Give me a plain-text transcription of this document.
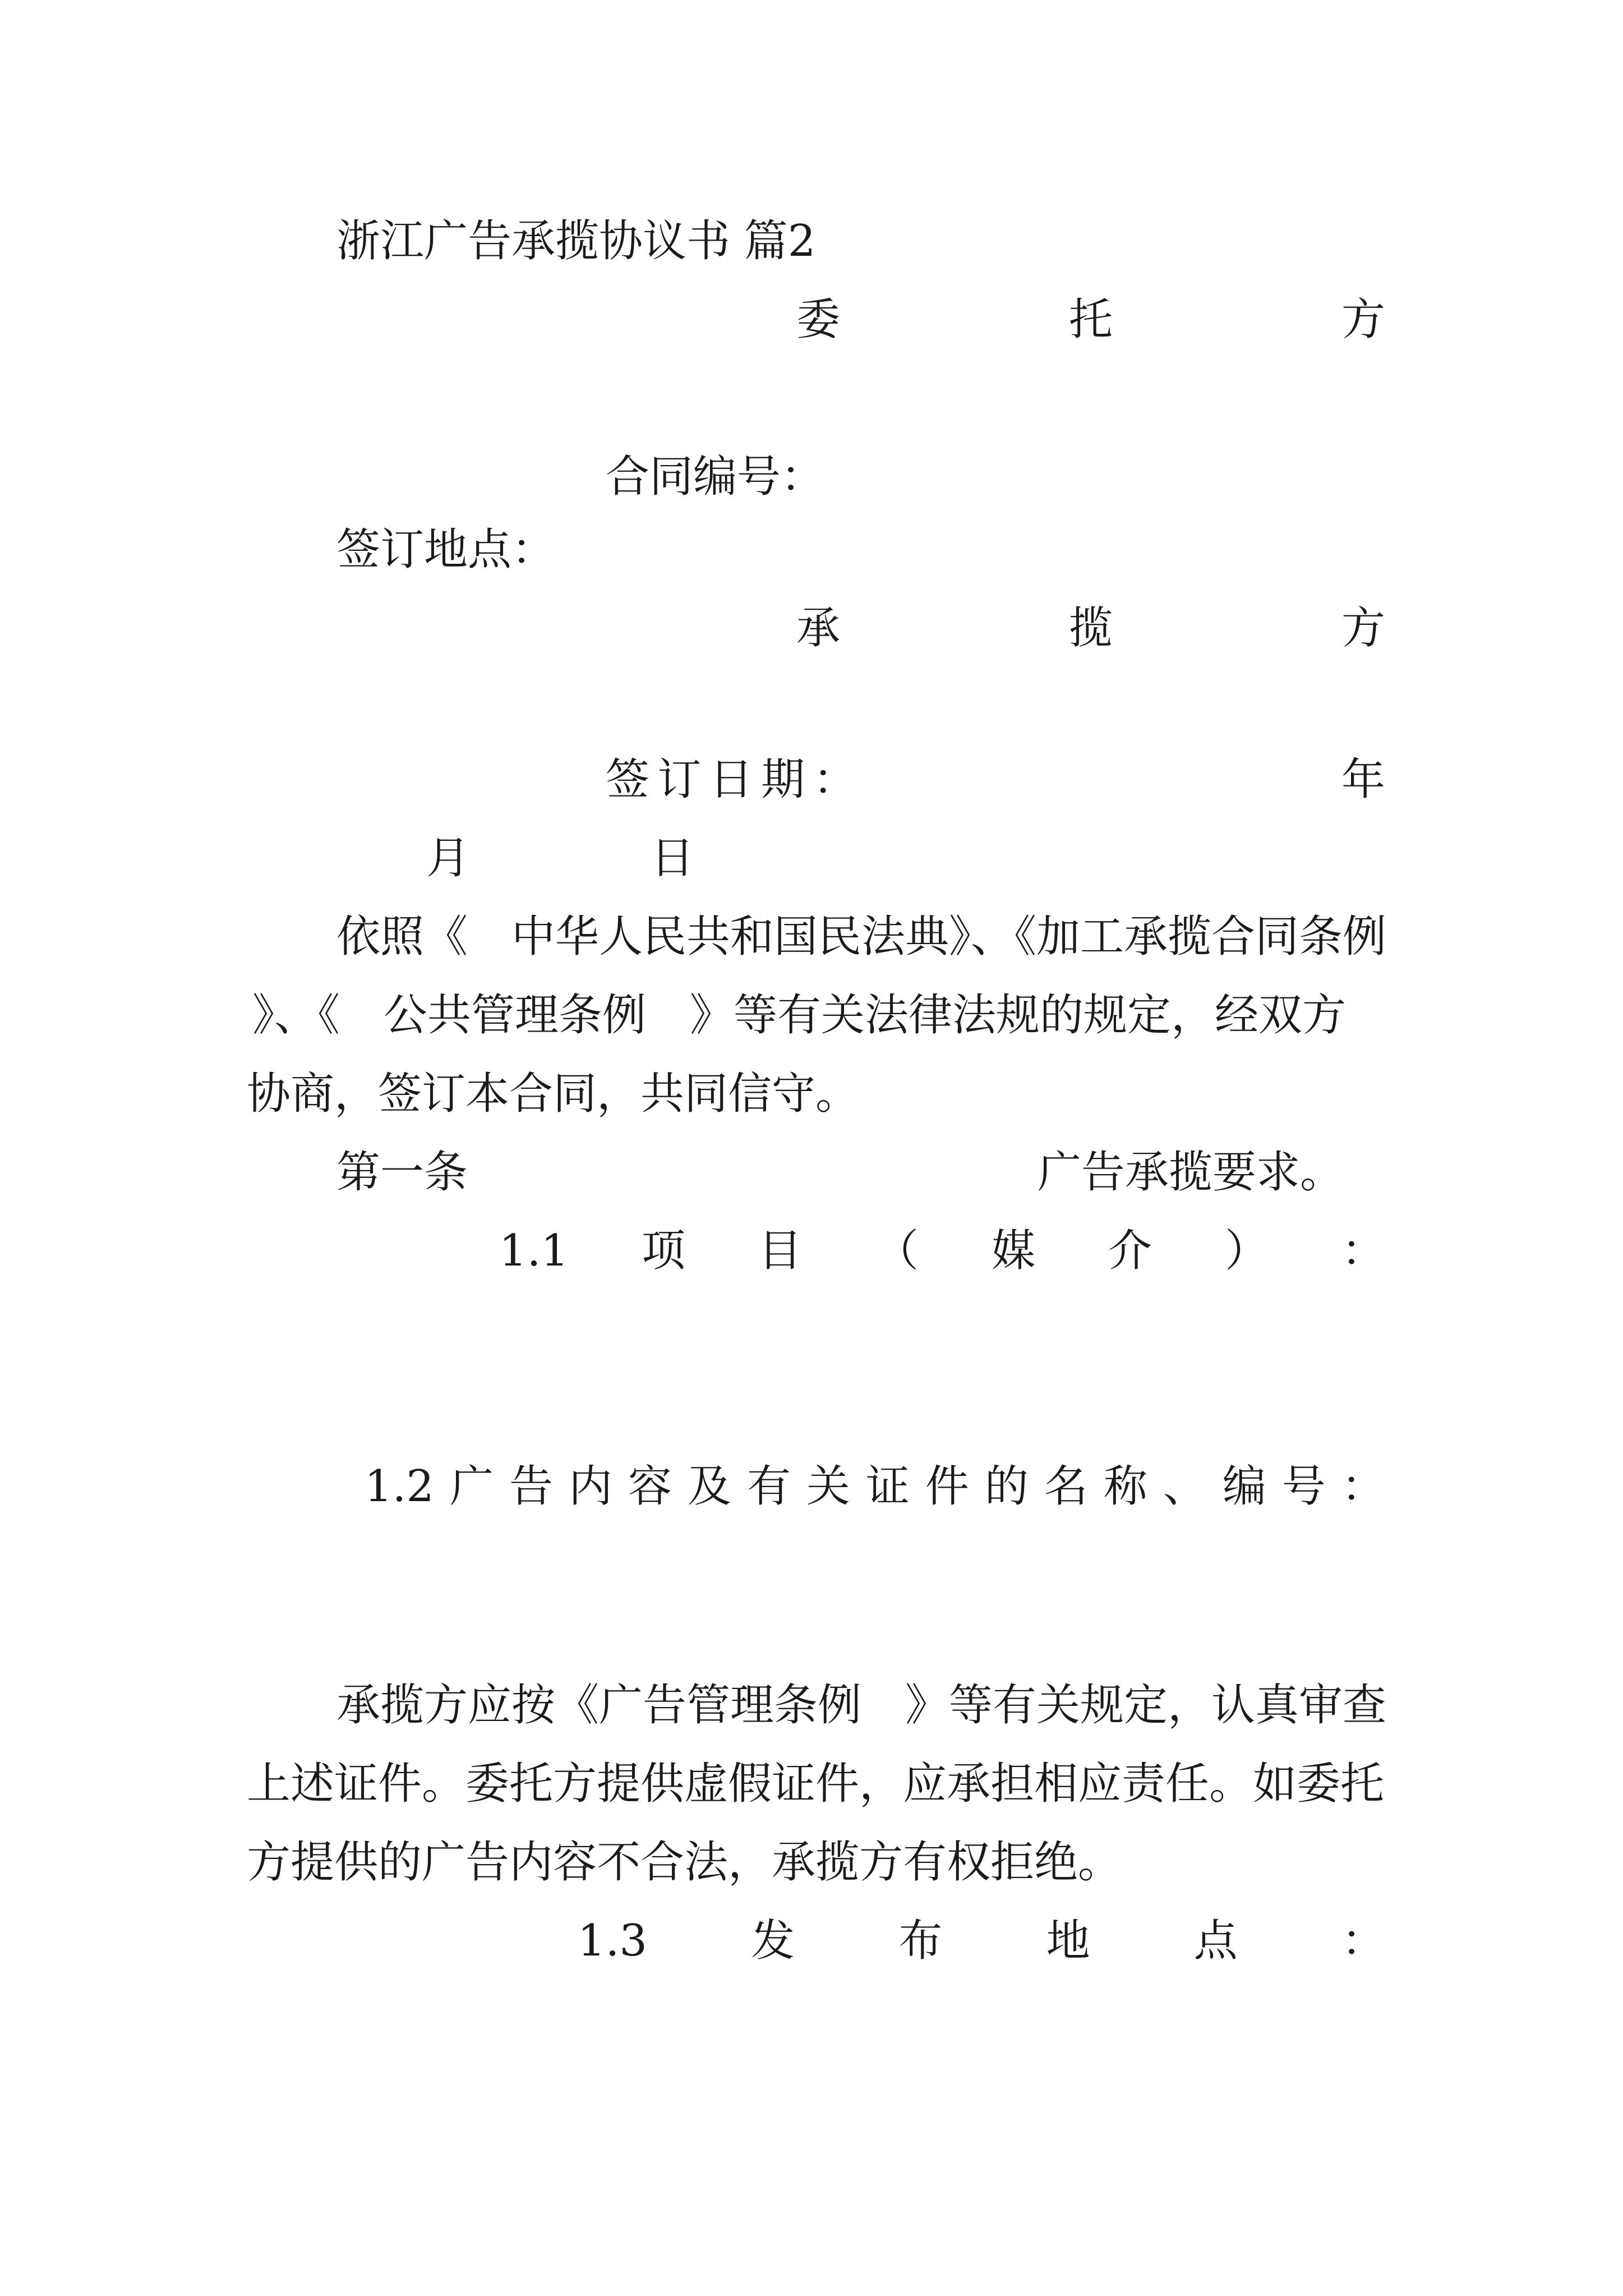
浙江广告承揽协议书 篇2
委	托	方
合同编号：
签订地点：
承	揽	方
签 订 日 期 ：	年
月	日
依照《　中华人民共和国民法典》、《加工承揽合同条例
》、《　公共管理条例　》等有关法律法规的规定，经双方
协商，签订本合同，共同信守。
第一条	广告承揽要求。
1.1 项 目 （ 媒 介 ） ：
1.2 广 告 内 容 及 有 关 证 件 的 名 称 、 编 号 ：
承揽方应按《广告管理条例　》等有关规定，认真审查
上述证件。委托方提供虚假证件，应承担相应责任。如委托
方提供的广告内容不合法，承揽方有权拒绝。
1.3 发 布 地 点 ：
